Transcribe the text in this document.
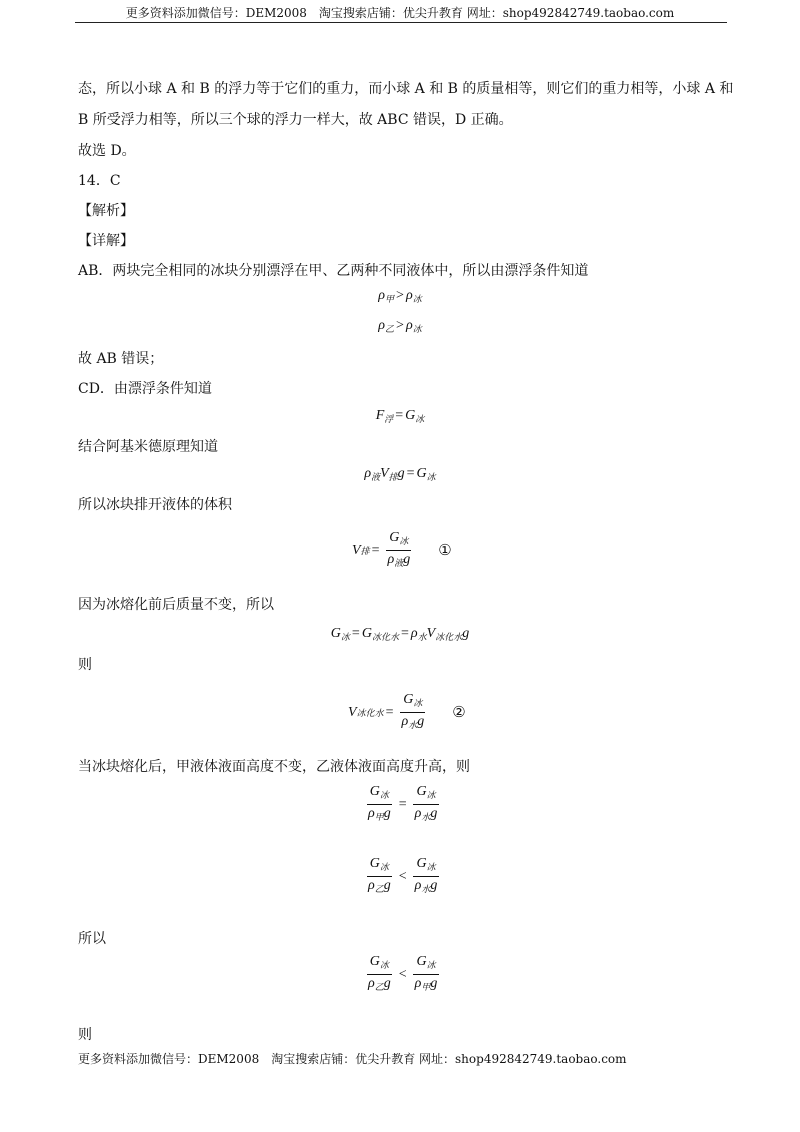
更多资料添加微信号：DEM2008　淘宝搜索店铺：优尖升教育 网址：shop492842749.taobao.com
态，所以小球 A 和 B 的浮力等于它们的重力，而小球 A 和 B 的质量相等，则它们的重力相等，小球 A 和
B 所受浮力相等，所以三个球的浮力一样大，故 ABC 错误，D 正确。
故选 D。
14．C
【解析】
【详解】
AB．两块完全相同的冰块分别漂浮在甲、乙两种不同液体中，所以由漂浮条件知道
$\rho_甲 > \rho_冰$
$\rho_乙 > \rho_冰$
故 AB 错误；
CD．由漂浮条件知道
$F_浮 = G_冰$
结合阿基米德原理知道
$\rho_液V_排g = G_冰$
所以冰块排开液体的体积
V 排 = $\frac{G_冰}{\rho_液g}$ ①
因为冰熔化前后质量不变，所以
$G_冰 = G_{冰化水} = \rho_水V_{冰化水}g$
则
V 冰化水 = $\frac{G_冰}{\rho_水g}$ ②
当冰块熔化后，甲液体液面高度不变，乙液体液面高度升高，则
$\frac{G_冰}{\rho_甲g} = \frac{G_冰}{\rho_水g}$
$\frac{G_冰}{\rho_乙g} < \frac{G_冰}{\rho_水g}$
所以
$\frac{G_冰}{\rho_乙g} < \frac{G_冰}{\rho_甲g}$
则
更多资料添加微信号：DEM2008　淘宝搜索店铺：优尖升教育 网址：shop492842749.taobao.com
